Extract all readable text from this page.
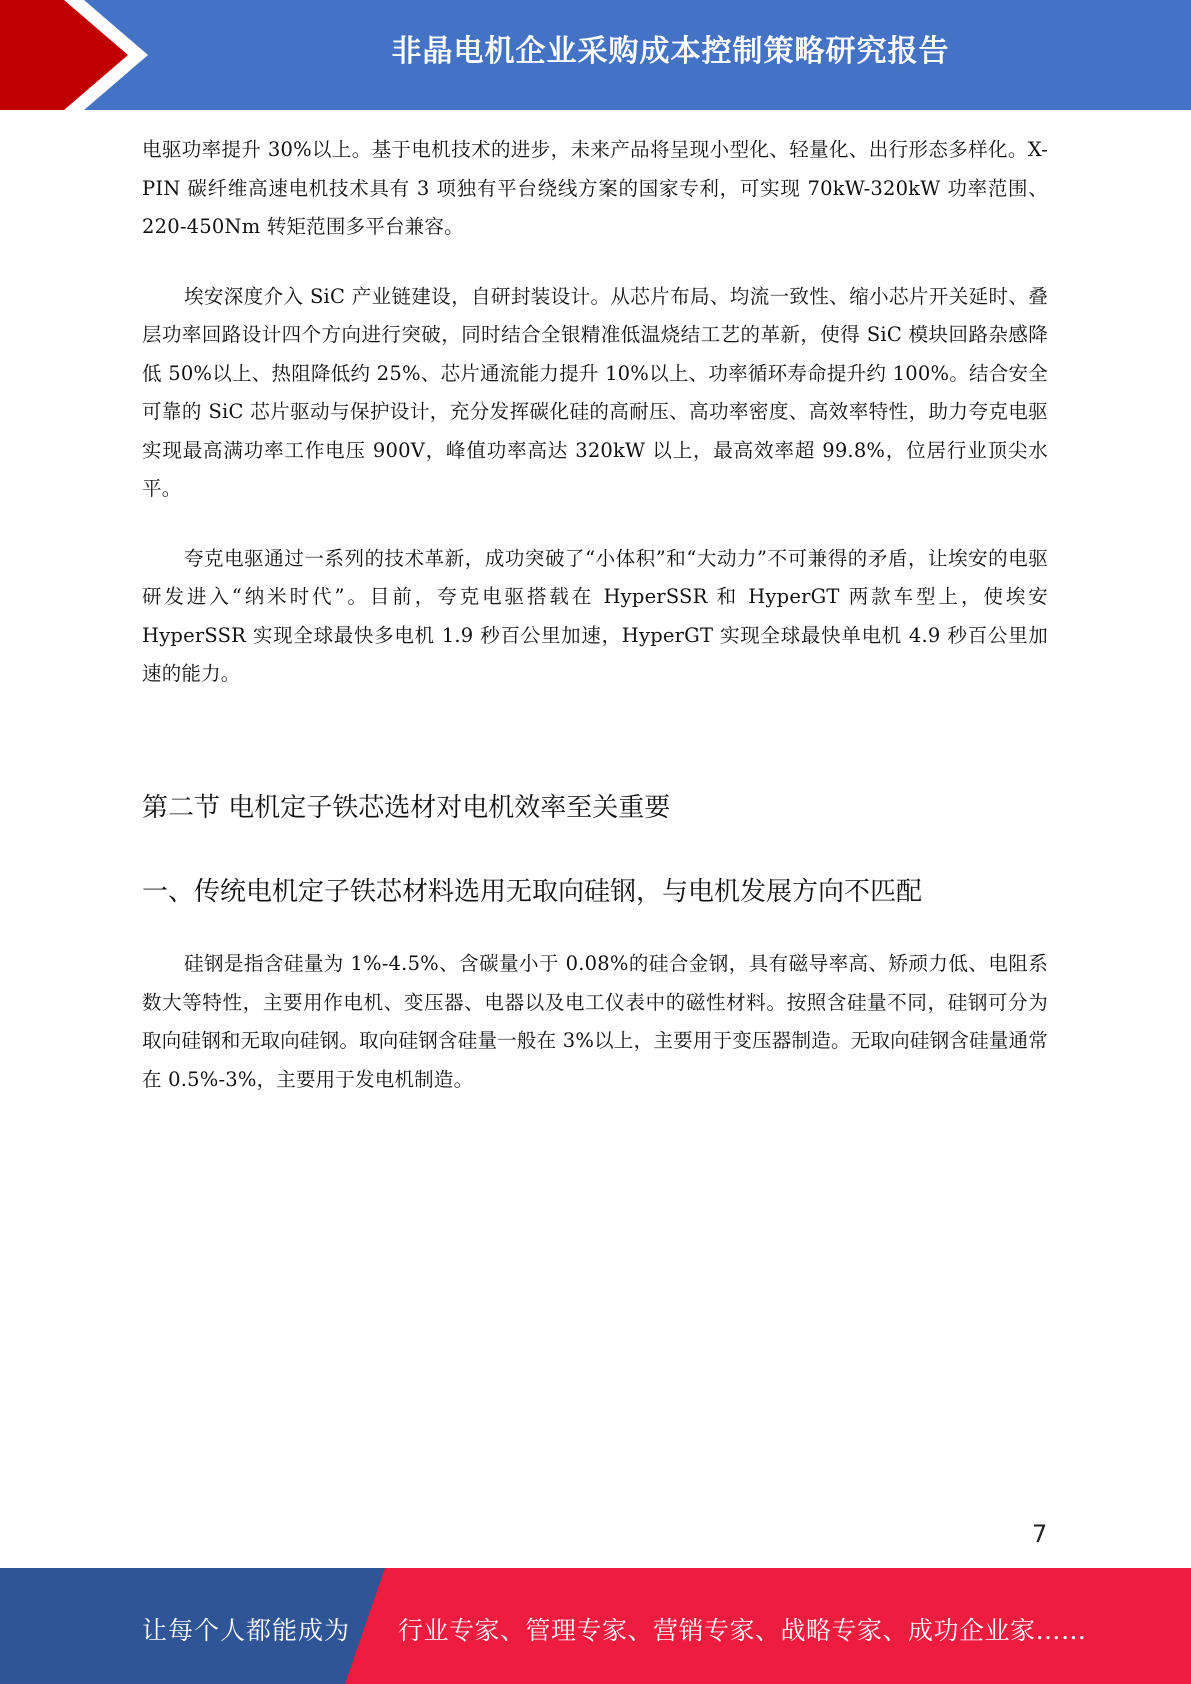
非晶电机企业采购成本控制策略研究报告

电驱功率提升 30%以上。基于电机技术的进步，未来产品将呈现小型化、轻量化、出行形态多样化。X-PIN 碳纤维高速电机技术具有 3 项独有平台绕线方案的国家专利，可实现 70kW-320kW 功率范围、220-450Nm 转矩范围多平台兼容。

埃安深度介入 SiC 产业链建设，自研封装设计。从芯片布局、均流一致性、缩小芯片开关延时、叠层功率回路设计四个方向进行突破，同时结合全银精准低温烧结工艺的革新，使得 SiC 模块回路杂感降低 50%以上、热阻降低约 25%、芯片通流能力提升 10%以上、功率循环寿命提升约 100%。结合安全可靠的 SiC 芯片驱动与保护设计，充分发挥碳化硅的高耐压、高功率密度、高效率特性，助力夸克电驱实现最高满功率工作电压 900V，峰值功率高达 320kW 以上，最高效率超 99.8%，位居行业顶尖水平。

夸克电驱通过一系列的技术革新，成功突破了“小体积”和“大动力”不可兼得的矛盾，让埃安的电驱研发进入“纳米时代”。目前，夸克电驱搭载在 HyperSSR 和 HyperGT 两款车型上，使埃安 HyperSSR 实现全球最快多电机 1.9 秒百公里加速，HyperGT 实现全球最快单电机 4.9 秒百公里加速的能力。

第二节 电机定子铁芯选材对电机效率至关重要
一、传统电机定子铁芯材料选用无取向硅钢，与电机发展方向不匹配

硅钢是指含硅量为 1%-4.5%、含碳量小于 0.08%的硅合金钢，具有磁导率高、矫顽力低、电阻系数大等特性，主要用作电机、变压器、电器以及电工仪表中的磁性材料。按照含硅量不同，硅钢可分为取向硅钢和无取向硅钢。取向硅钢含硅量一般在 3%以上，主要用于变压器制造。无取向硅钢含硅量通常在 0.5%-3%，主要用于发电机制造。

7
让每个人都能成为 行业专家、管理专家、营销专家、战略专家、成功企业家……
